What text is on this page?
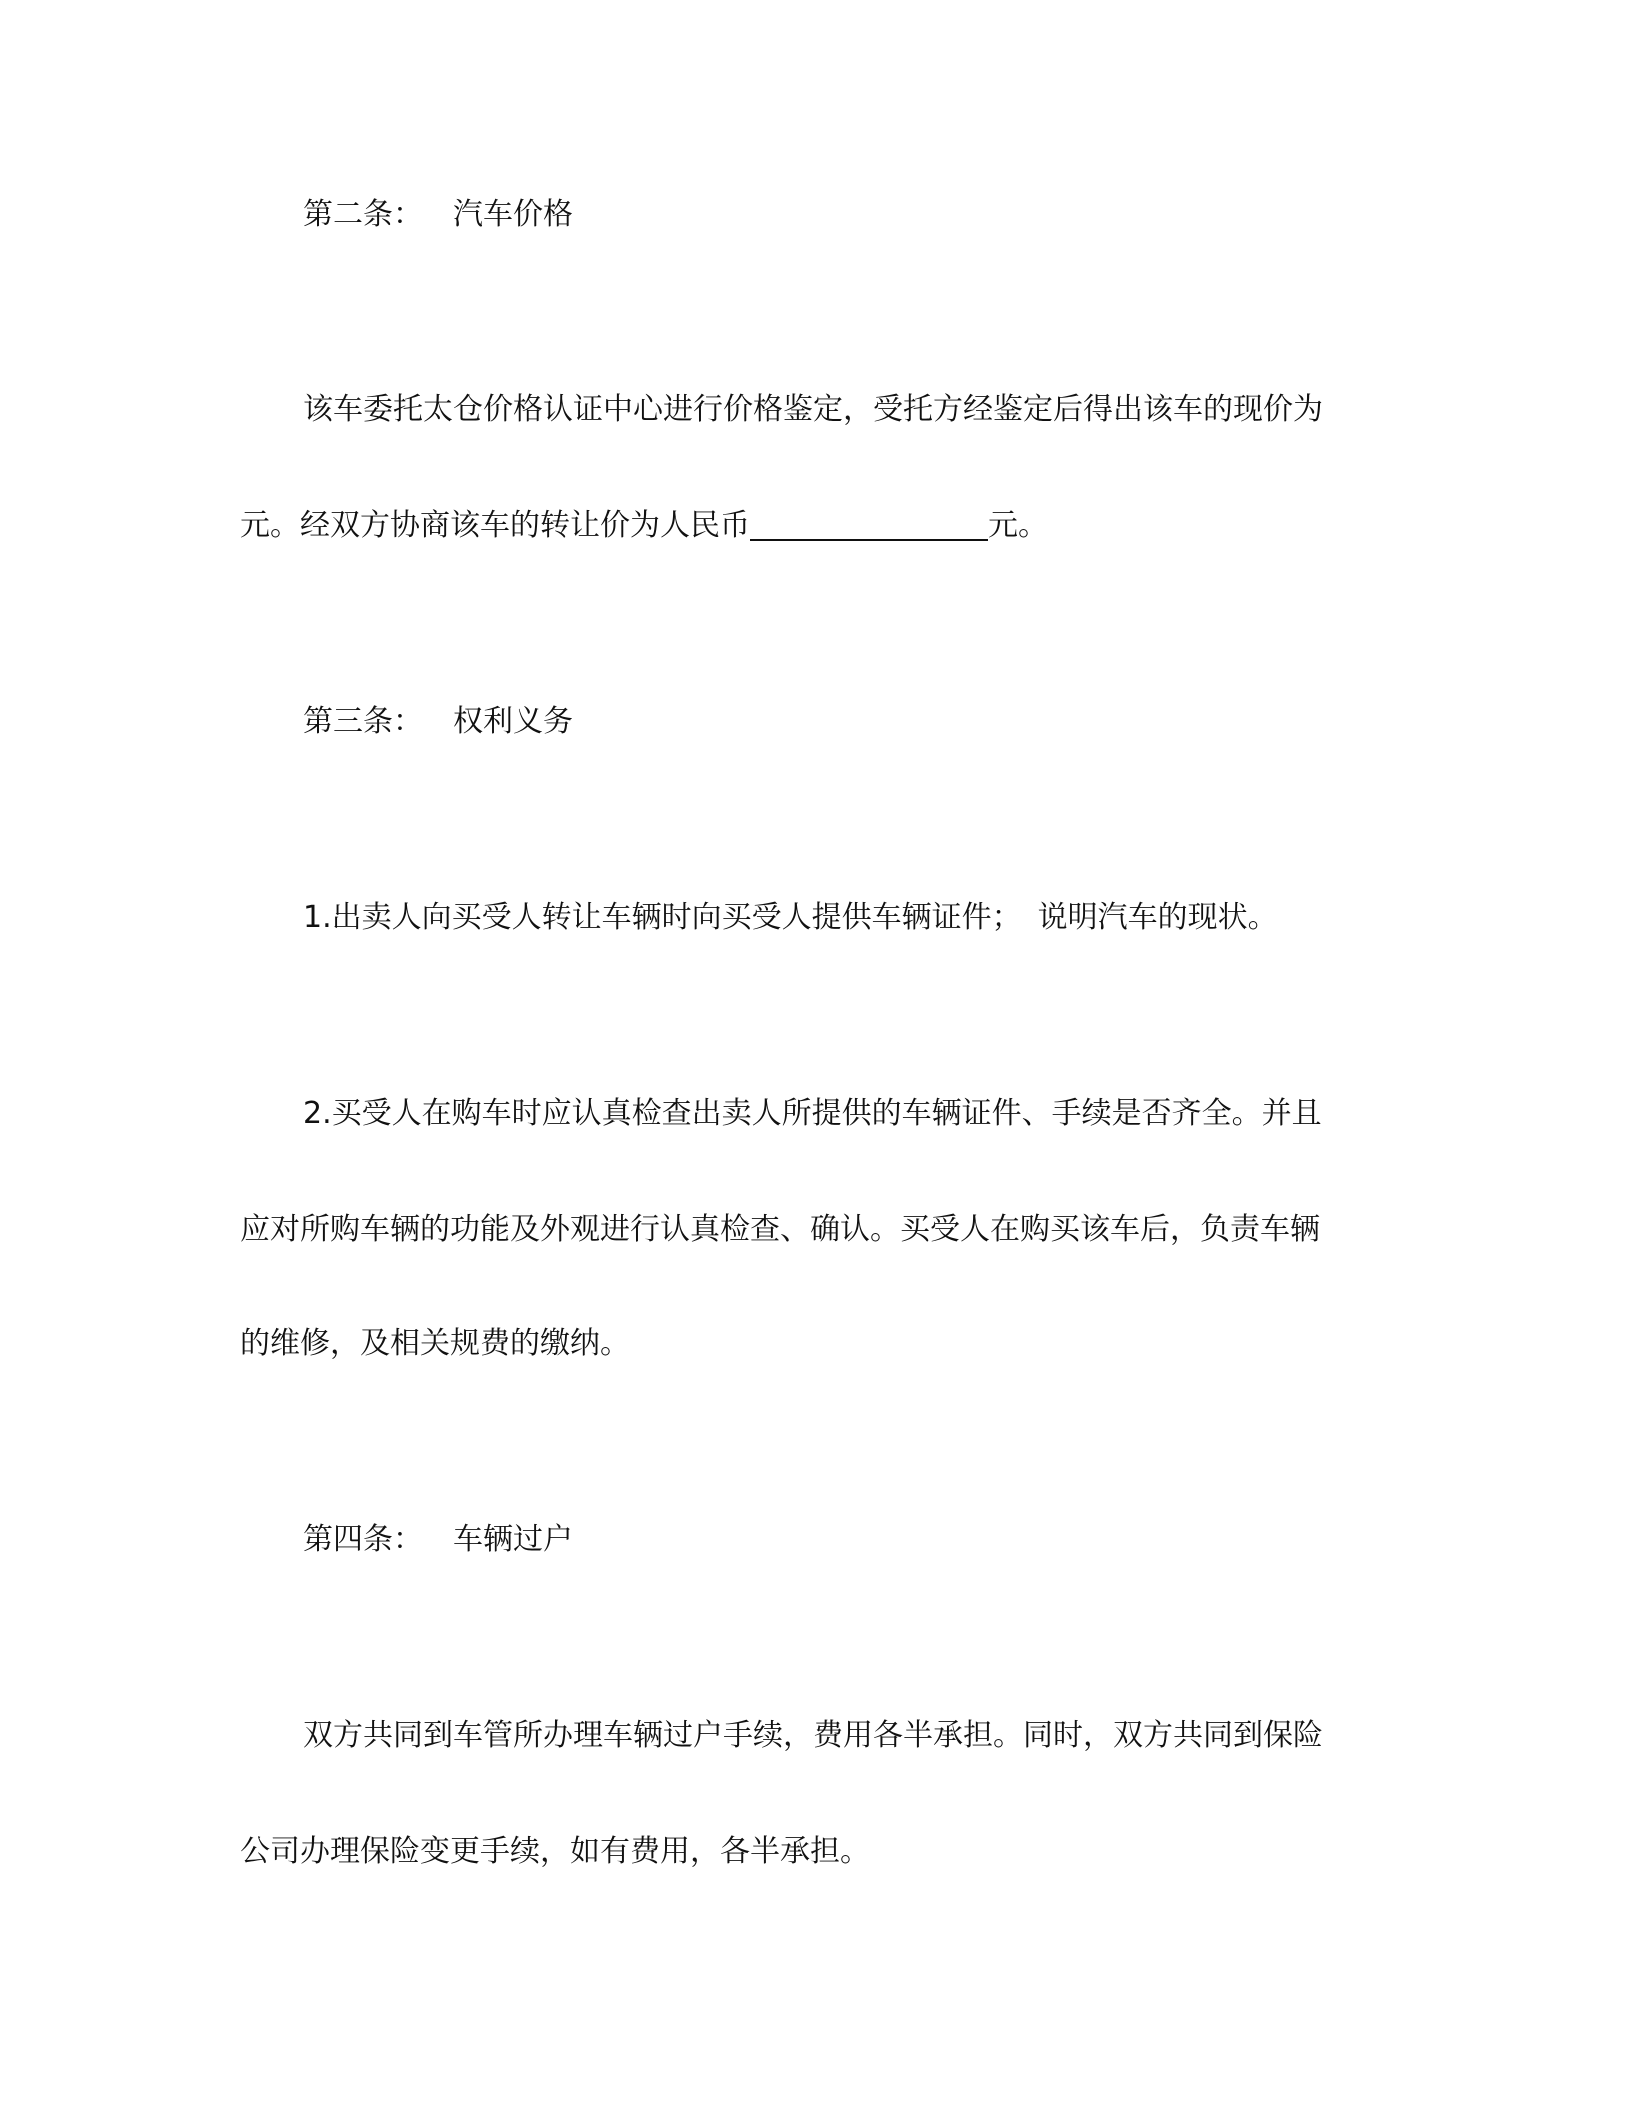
第二条： 汽车价格
该车委托太仓价格认证中心进行价格鉴定，受托方经鉴定后得出该车的现价为
元。经双方协商该车的转让价为人民币	元。
第三条： 权利义务
1.出卖人向买受人转让车辆时向买受人提供车辆证件； 说明汽车的现状。
2.买受人在购车时应认真检查出卖人所提供的车辆证件、手续是否齐全。并且
应对所购车辆的功能及外观进行认真检查、确认。买受人在购买该车后，负责车辆
的维修，及相关规费的缴纳。
第四条： 车辆过户
双方共同到车管所办理车辆过户手续，费用各半承担。同时，双方共同到保险
公司办理保险变更手续，如有费用，各半承担。
